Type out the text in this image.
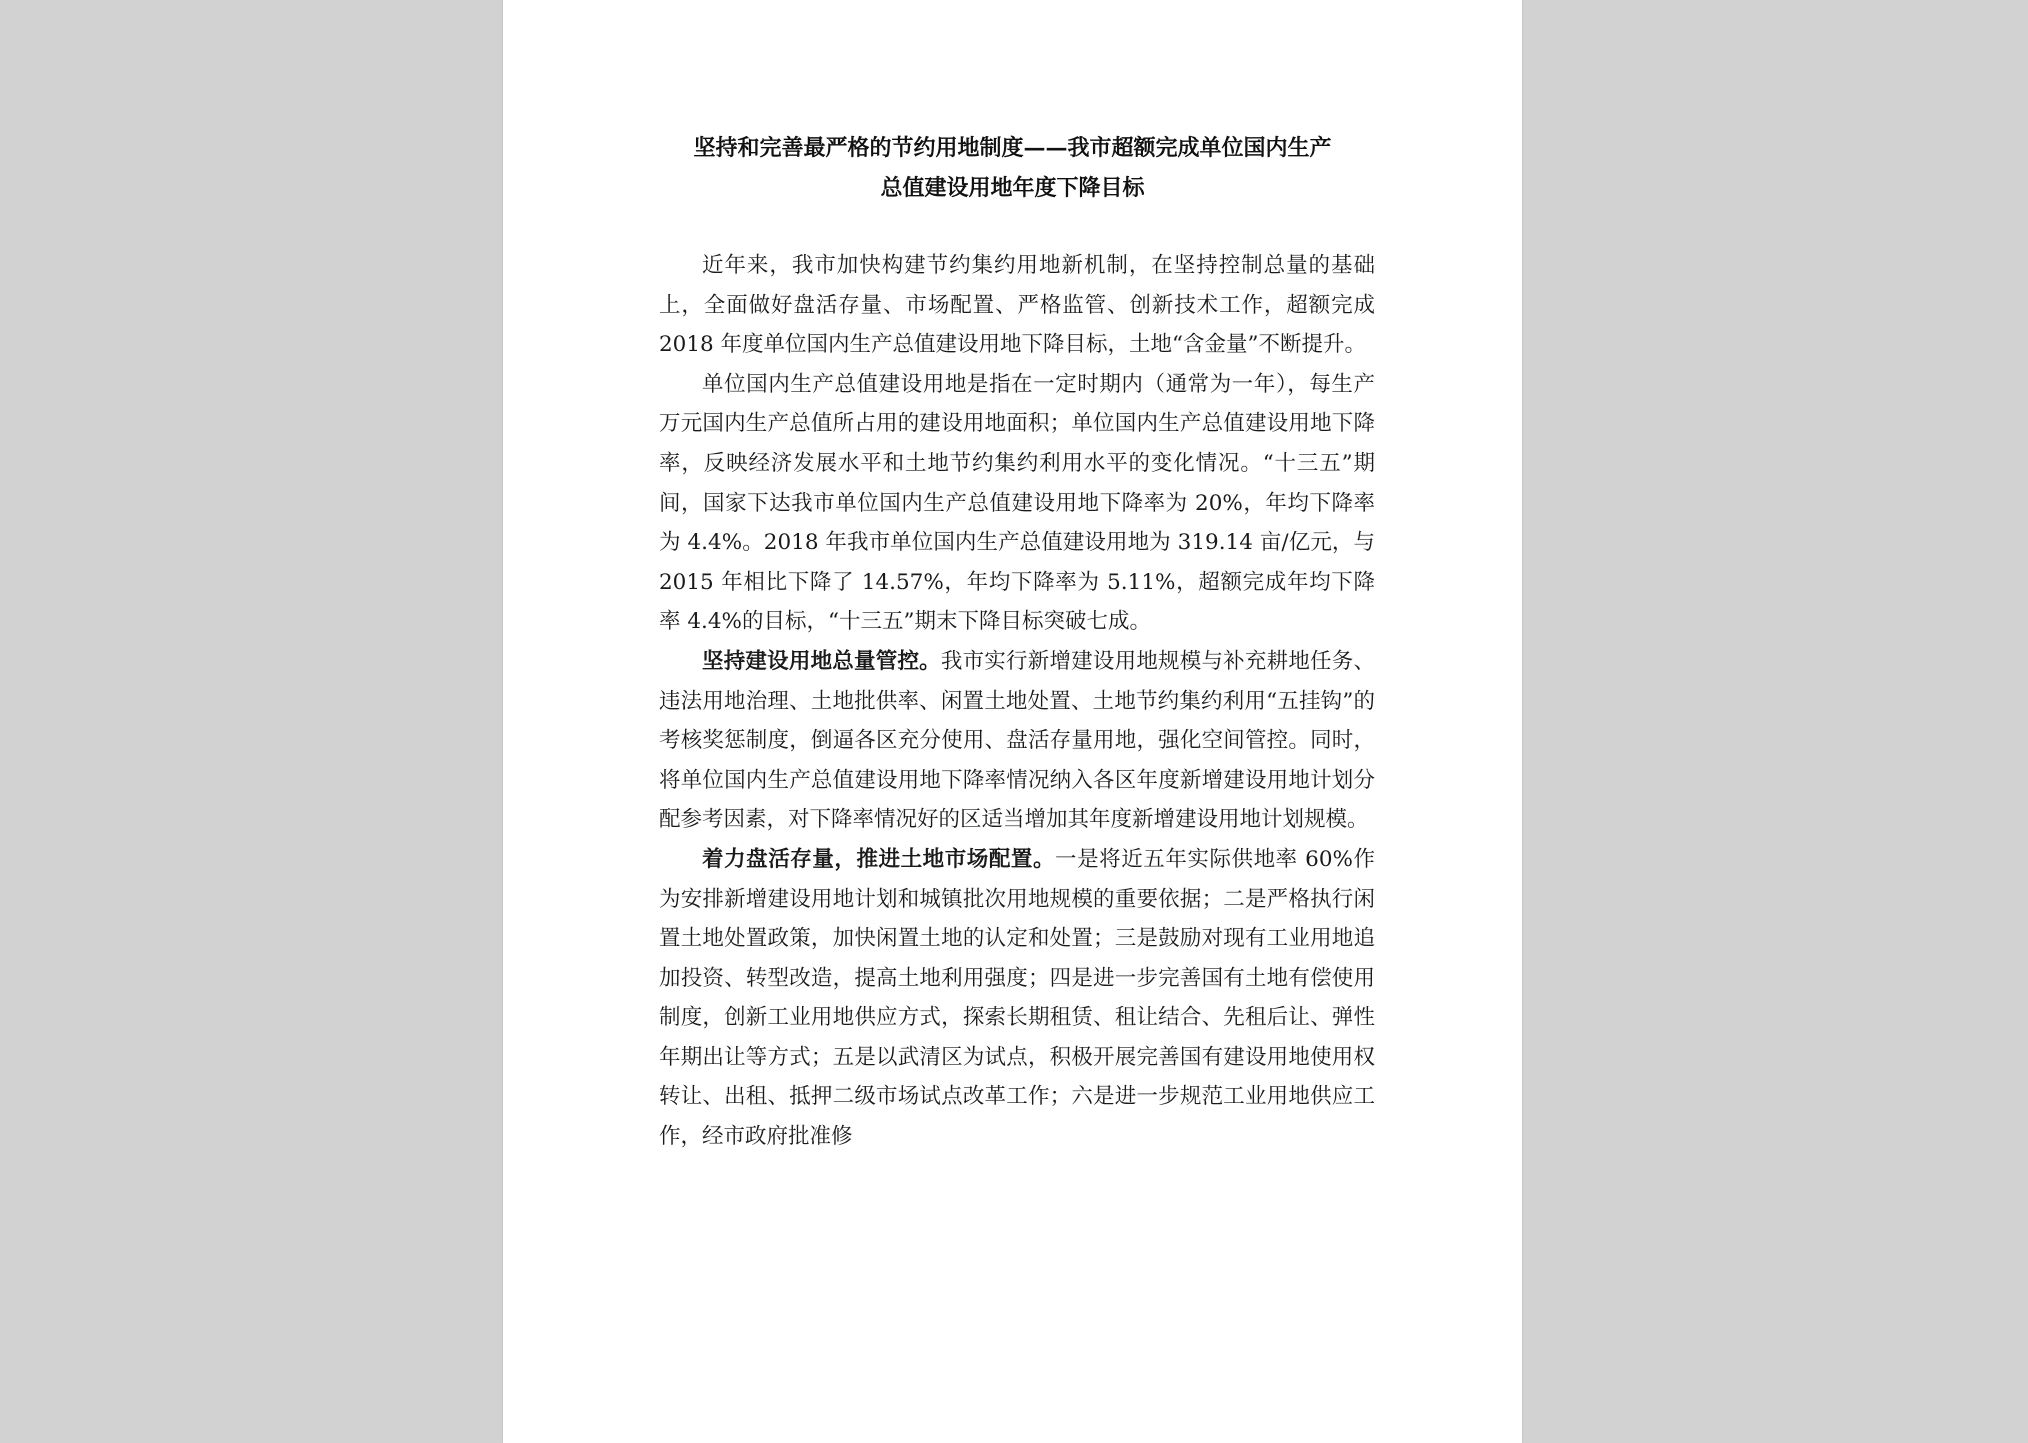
坚持和完善最严格的节约用地制度——我市超额完成单位国内生产
总值建设用地年度下降目标

近年来，我市加快构建节约集约用地新机制，在坚持控制总量的基础上，全面做好盘活存量、市场配置、严格监管、创新技术工作，超额完成 2018 年度单位国内生产总值建设用地下降目标，土地“含金量”不断提升。

单位国内生产总值建设用地是指在一定时期内（通常为一年），每生产万元国内生产总值所占用的建设用地面积；单位国内生产总值建设用地下降率，反映经济发展水平和土地节约集约利用水平的变化情况。“十三五”期间，国家下达我市单位国内生产总值建设用地下降率为 20%，年均下降率为 4.4%。2018 年我市单位国内生产总值建设用地为 319.14 亩/亿元，与 2015 年相比下降了 14.57%，年均下降率为 5.11%，超额完成年均下降率 4.4%的目标，“十三五”期末下降目标突破七成。

坚持建设用地总量管控。我市实行新增建设用地规模与补充耕地任务、违法用地治理、土地批供率、闲置土地处置、土地节约集约利用“五挂钩”的考核奖惩制度，倒逼各区充分使用、盘活存量用地，强化空间管控。同时，将单位国内生产总值建设用地下降率情况纳入各区年度新增建设用地计划分配参考因素，对下降率情况好的区适当增加其年度新增建设用地计划规模。

着力盘活存量，推进土地市场配置。一是将近五年实际供地率 60%作为安排新增建设用地计划和城镇批次用地规模的重要依据；二是严格执行闲置土地处置政策，加快闲置土地的认定和处置；三是鼓励对现有工业用地追加投资、转型改造，提高土地利用强度；四是进一步完善国有土地有偿使用制度，创新工业用地供应方式，探索长期租赁、租让结合、先租后让、弹性年期出让等方式；五是以武清区为试点，积极开展完善国有建设用地使用权转让、出租、抵押二级市场试点改革工作；六是进一步规范工业用地供应工作，经市政府批准修
